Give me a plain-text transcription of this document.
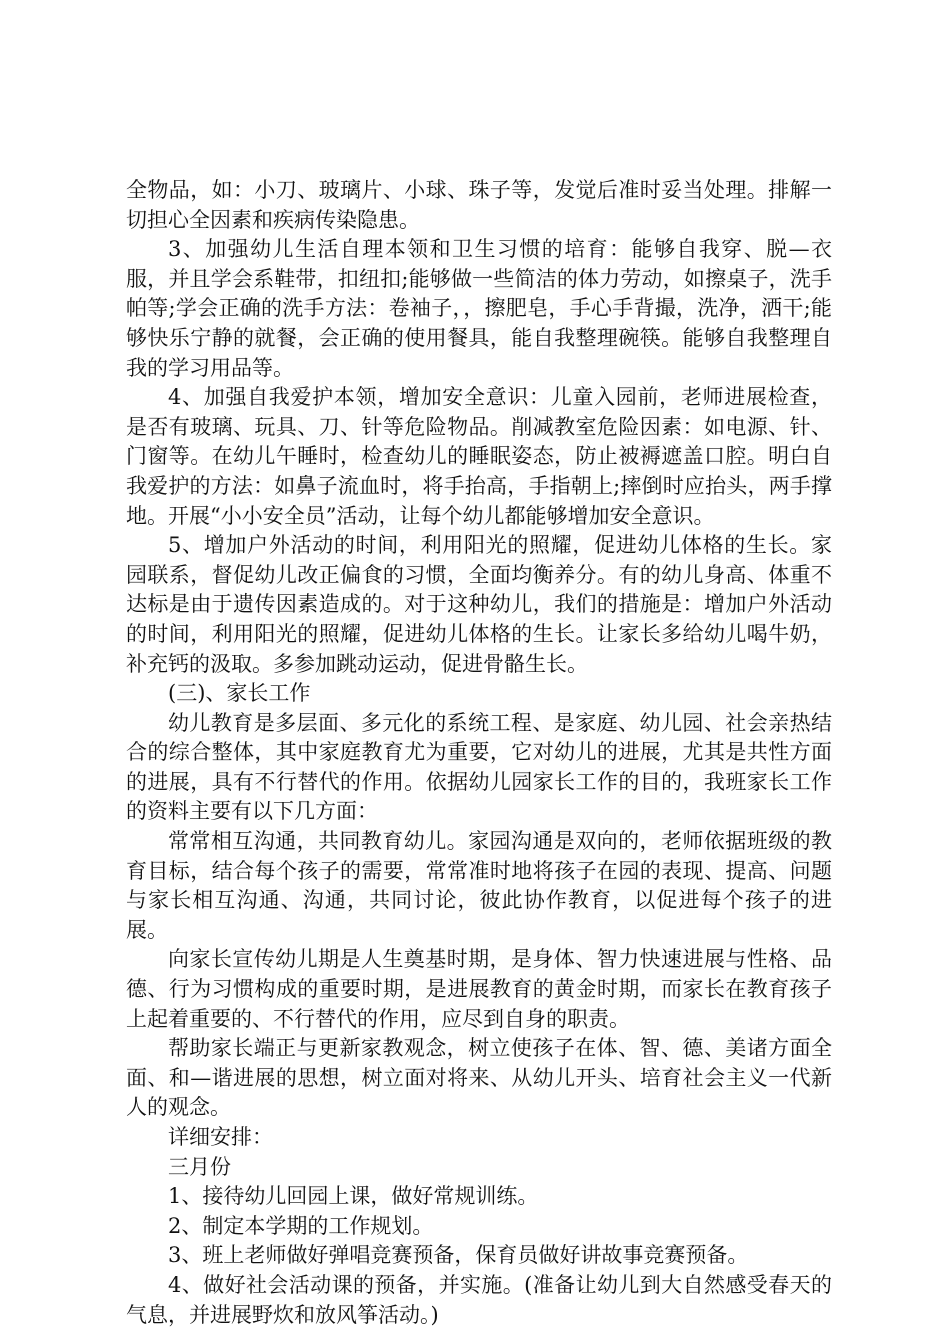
全物品，如：小刀、玻璃片、小球、珠子等，发觉后准时妥当处理。排解一切担心全因素和疾病传染隐患。

3、加强幼儿生活自理本领和卫生习惯的培育：能够自我穿、脱—衣服，并且学会系鞋带，扣纽扣;能够做一些简洁的体力劳动，如擦桌子，洗手帕等;学会正确的洗手方法：卷袖子，，擦肥皂，手心手背撮，洗净，洒干;能够快乐宁静的就餐，会正确的使用餐具，能自我整理碗筷。能够自我整理自我的学习用品等。

4、加强自我爱护本领，增加安全意识：儿童入园前，老师进展检查，是否有玻璃、玩具、刀、针等危险物品。削减教室危险因素：如电源、针、门窗等。在幼儿午睡时，检查幼儿的睡眠姿态，防止被褥遮盖口腔。明白自我爱护的方法：如鼻子流血时，将手抬高，手指朝上;摔倒时应抬头，两手撑地。开展“小小安全员”活动，让每个幼儿都能够增加安全意识。

5、增加户外活动的时间，利用阳光的照耀，促进幼儿体格的生长。家园联系，督促幼儿改正偏食的习惯，全面均衡养分。有的幼儿身高、体重不达标是由于遗传因素造成的。对于这种幼儿，我们的措施是：增加户外活动的时间，利用阳光的照耀，促进幼儿体格的生长。让家长多给幼儿喝牛奶，补充钙的汲取。多参加跳动运动，促进骨骼生长。

(三)、家长工作

幼儿教育是多层面、多元化的系统工程、是家庭、幼儿园、社会亲热结合的综合整体，其中家庭教育尤为重要，它对幼儿的进展，尤其是共性方面的进展，具有不行替代的作用。依据幼儿园家长工作的目的，我班家长工作的资料主要有以下几方面：

常常相互沟通，共同教育幼儿。家园沟通是双向的，老师依据班级的教育目标，结合每个孩子的需要，常常准时地将孩子在园的表现、提高、问题与家长相互沟通、沟通，共同讨论，彼此协作教育，以促进每个孩子的进展。

向家长宣传幼儿期是人生奠基时期，是身体、智力快速进展与性格、品德、行为习惯构成的重要时期，是进展教育的黄金时期，而家长在教育孩子上起着重要的、不行替代的作用，应尽到自身的职责。

帮助家长端正与更新家教观念，树立使孩子在体、智、德、美诸方面全面、和—谐进展的思想，树立面对将来、从幼儿开头、培育社会主义一代新人的观念。

详细安排：

三月份

1、接待幼儿回园上课，做好常规训练。

2、制定本学期的工作规划。

3、班上老师做好弹唱竞赛预备，保育员做好讲故事竞赛预备。

4、做好社会活动课的预备，并实施。(准备让幼儿到大自然感受春天的气息，并进展野炊和放风筝活动。)
